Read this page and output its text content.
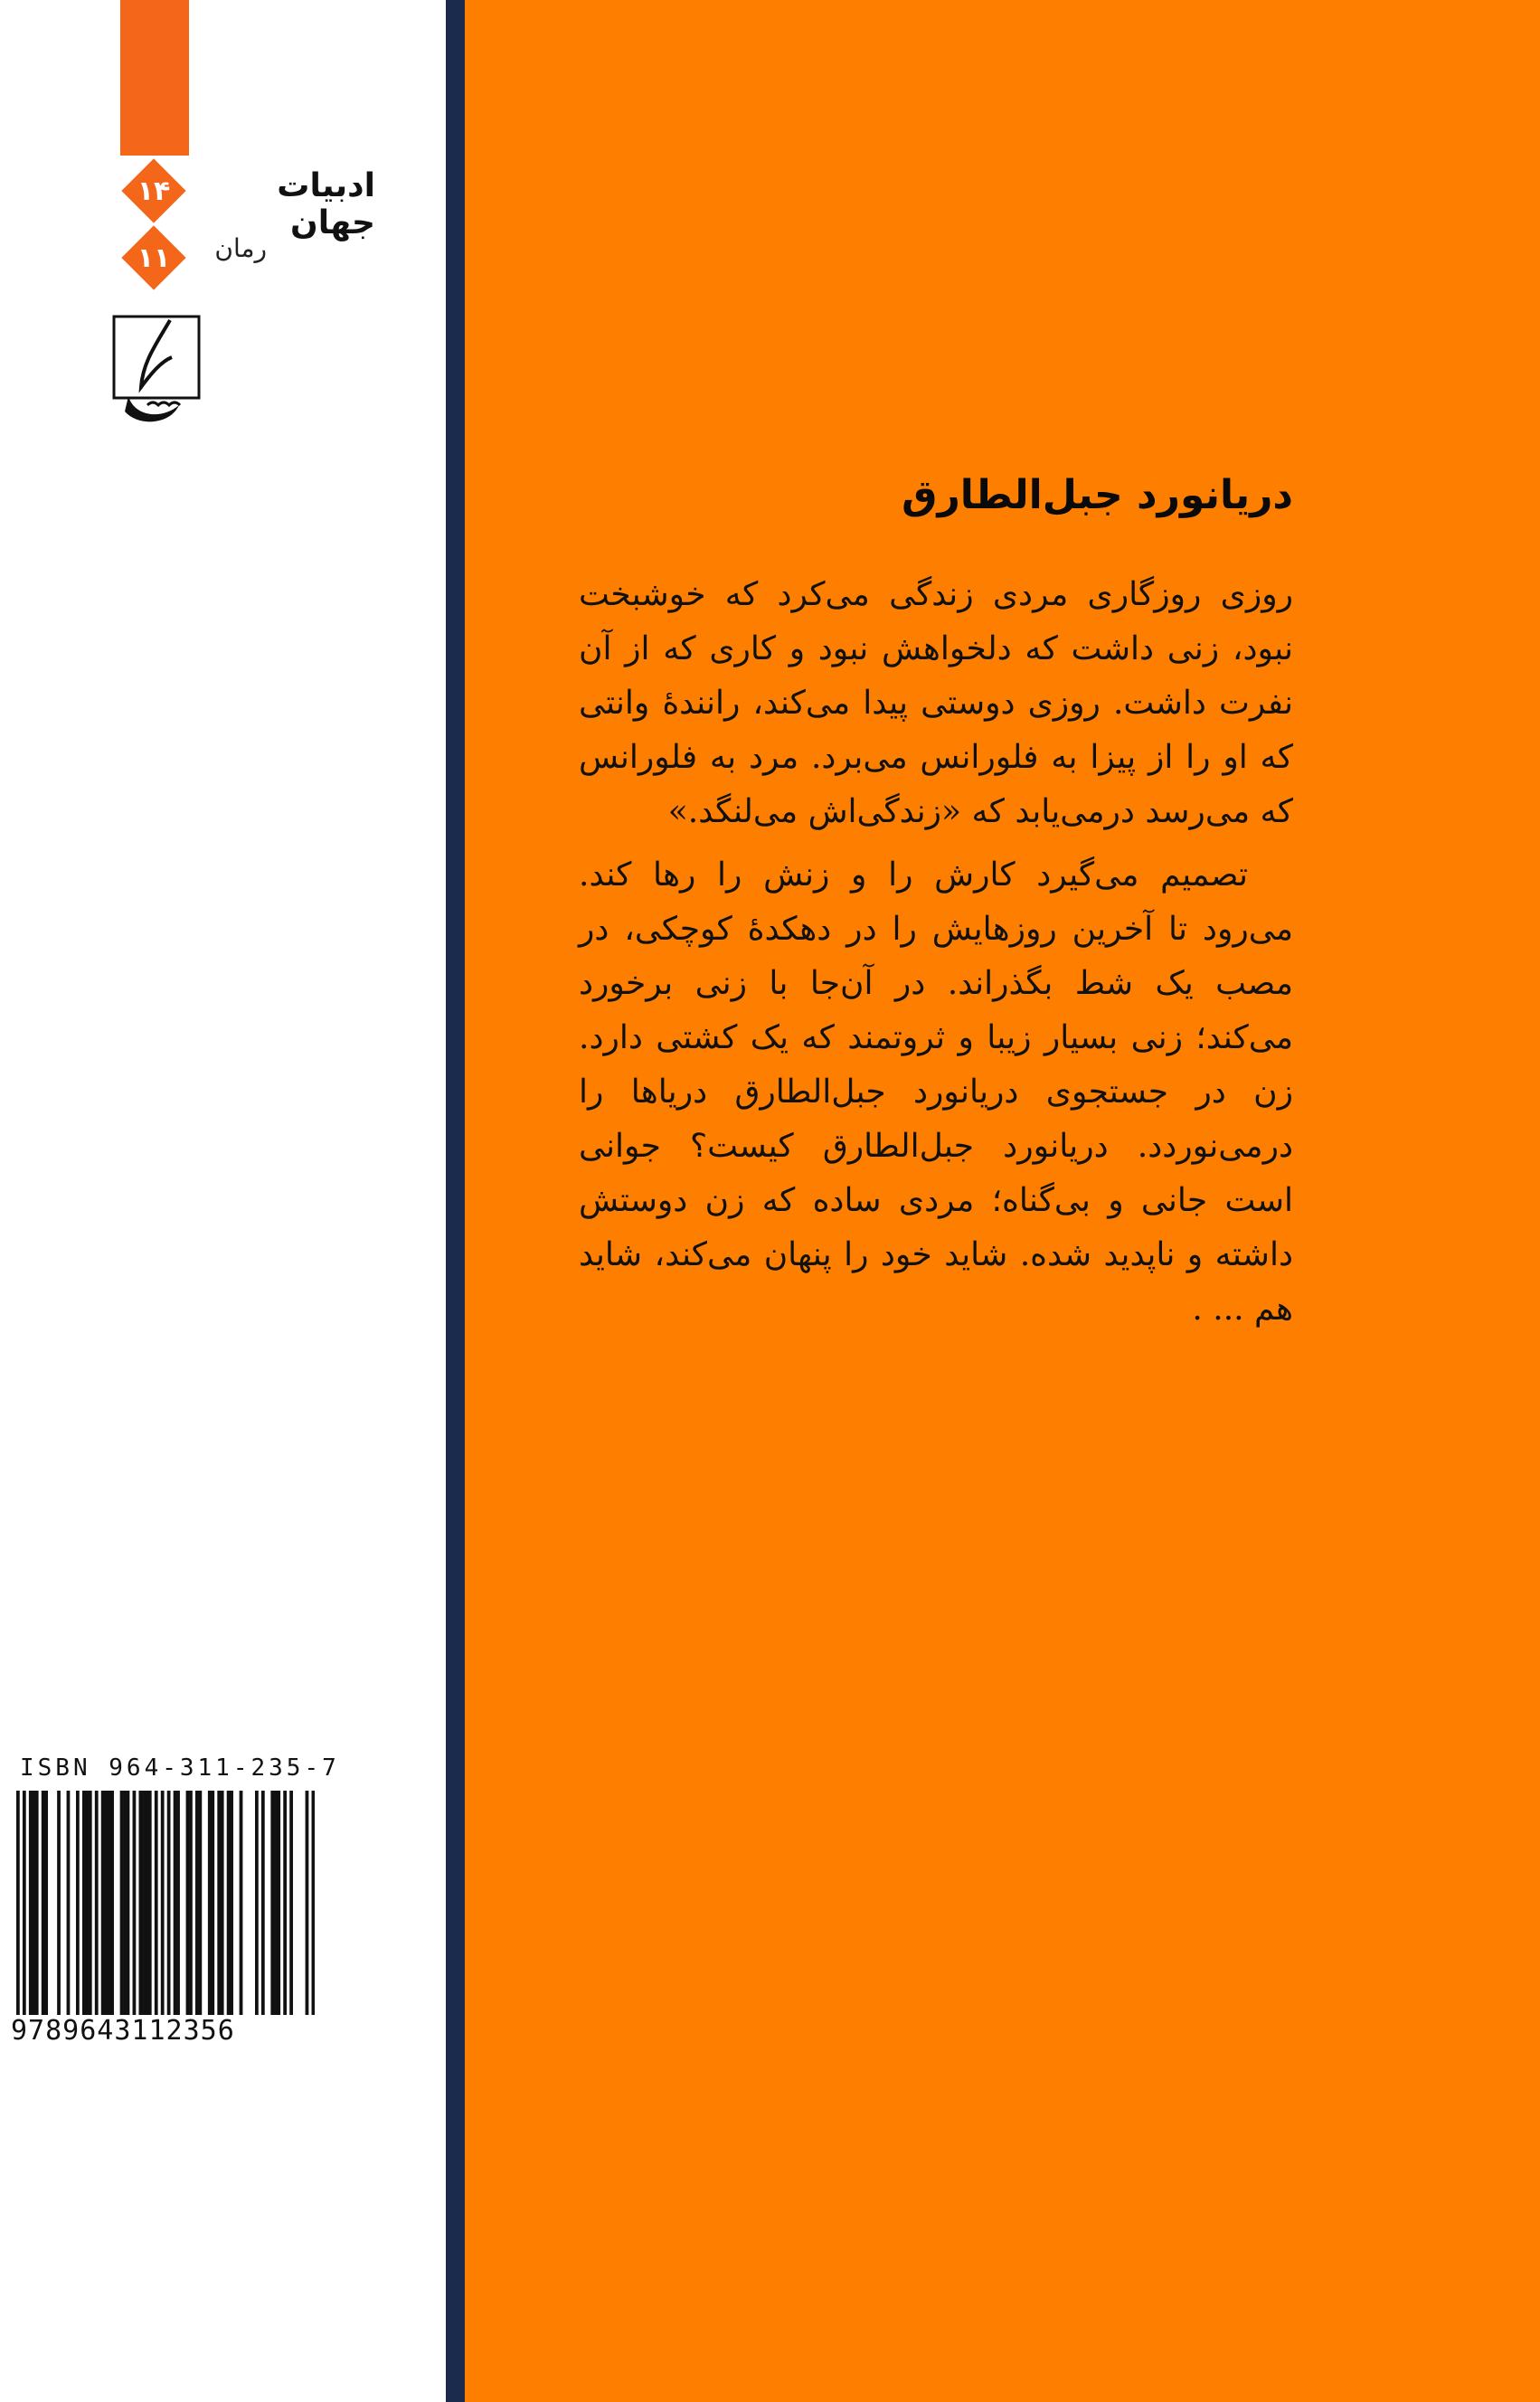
۱۴	ادبیات جهان
۱۱	رمان
دریانورد جبل‌الطارق

روزی روزگاری مردی زندگی می‌کرد که خوشبخت نبود، زنی داشت که دلخواهش نبود و کاری که از آن نفرت داشت. روزی دوستی پیدا می‌کند، رانندهٔ وانتی که او را از پیزا به فلورانس می‌برد. مرد به فلورانس که می‌رسد درمی‌یابد که «زندگی‌اش می‌لنگد.»

تصمیم می‌گیرد کارش را و زنش را رها کند. می‌رود تا آخرین روزهایش را در دهکدهٔ کوچکی، در مصب یک شط بگذراند. در آن‌جا با زنی برخورد می‌کند؛ زنی بسیار زیبا و ثروتمند که یک کشتی دارد. زن در جستجوی دریانورد جبل‌الطارق دریاها را درمی‌نوردد. دریانورد جبل‌الطارق کیست؟ جوانی است جانی و بی‌گناه؛ مردی ساده که زن دوستش داشته و ناپدید شده. شاید خود را پنهان می‌کند، شاید هم ... .

ISBN 964-311-235-7
9789643112356
